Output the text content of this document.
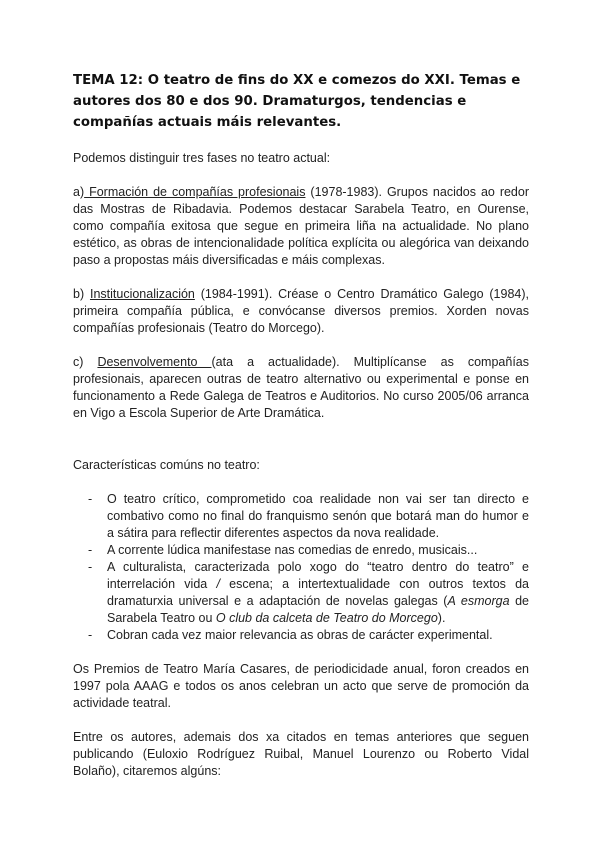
TEMA 12: O teatro de fins do XX e comezos do XXI. Temas e autores dos 80 e dos 90. Dramaturgos, tendencias e compañías actuais máis relevantes.

Podemos distinguir tres fases no teatro actual:

a) Formación de compañías profesionais (1978-1983). Grupos nacidos ao redor das Mostras de Ribadavia. Podemos destacar Sarabela Teatro, en Ourense, como compañía exitosa que segue en primeira liña na actualidade. No plano estético, as obras de intencionalidade política explícita ou alegórica van deixando paso a propostas máis diversificadas e máis complexas.

b) Institucionalización (1984-1991). Créase o Centro Dramático Galego (1984), primeira compañía pública, e convócanse diversos premios. Xorden novas compañías profesionais (Teatro do Morcego).

c) Desenvolvemento (ata a actualidade). Multiplícanse as compañías profesionais, aparecen outras de teatro alternativo ou experimental e ponse en funcionamento a Rede Galega de Teatros e Auditorios. No curso 2005/06 arranca en Vigo a Escola Superior de Arte Dramática.

Características comúns no teatro:

- O teatro crítico, comprometido coa realidade non vai ser tan directo e combativo como no final do franquismo senón que botará man do humor e a sátira para reflectir diferentes aspectos da nova realidade.
- A corrente lúdica manifestase nas comedias de enredo, musicais...
- A culturalista, caracterizada polo xogo do “teatro dentro do teatro” e interrelación vida / escena; a intertextualidade con outros textos da dramaturxia universal e a adaptación de novelas galegas (A esmorga de Sarabela Teatro ou O club da calceta de Teatro do Morcego).
- Cobran cada vez maior relevancia as obras de carácter experimental.

Os Premios de Teatro María Casares, de periodicidade anual, foron creados en 1997 pola AAAG e todos os anos celebran un acto que serve de promoción da actividade teatral.

Entre os autores, ademais dos xa citados en temas anteriores que seguen publicando (Euloxio Rodríguez Ruibal, Manuel Lourenzo ou Roberto Vidal Bolaño), citaremos algúns:
